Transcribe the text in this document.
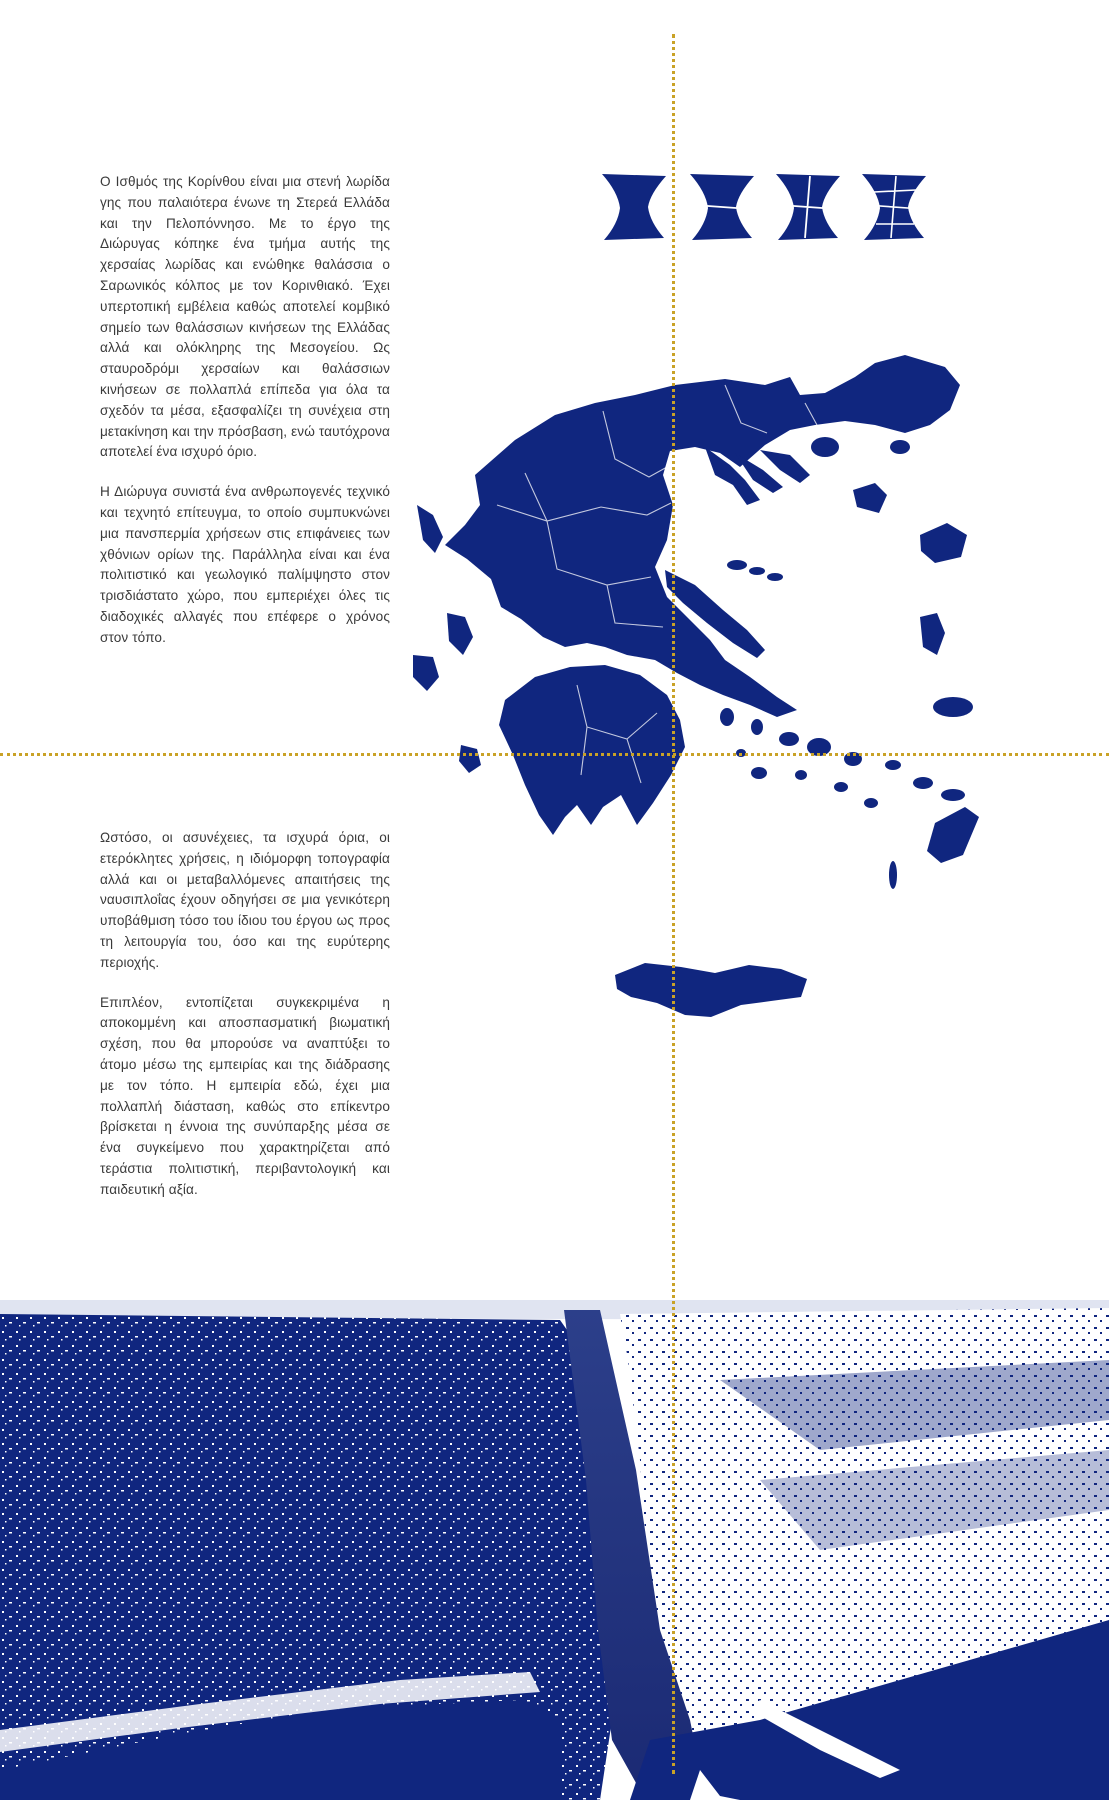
Ο Ισθμός της Κορίνθου είναι μια στενή λωρίδα γης που παλαιότερα ένωνε τη Στερεά Ελλάδα και την Πελοπόννησο. Με το έργο της Διώρυγας κόπηκε ένα τμήμα αυτής της χερσαίας λωρίδας και ενώθηκε θαλάσσια ο Σαρωνικός κόλπος με τον Κορινθιακό. Έχει υπερτοπική εμβέλεια καθώς αποτελεί κομβικό σημείο των θαλάσσιων κινήσεων της Ελλάδας αλλά και ολόκληρης της Μεσογείου. Ως σταυροδρόμι χερσαίων και θαλάσσιων κινήσεων σε πολλαπλά επίπεδα για όλα τα σχεδόν τα μέσα, εξασφαλίζει τη συνέχεια στη μετακίνηση και την πρόσβαση, ενώ ταυτόχρονα αποτελεί ένα ισχυρό όριο.

Η Διώρυγα συνιστά ένα ανθρωπογενές τεχνικό και τεχνητό επίτευγμα, το οποίο συμπυκνώνει μια πανσπερμία χρήσεων στις επιφάνειες των χθόνιων ορίων της. Παράλληλα είναι και ένα πολιτιστικό και γεωλογικό παλίμψηστο στον τρισδιάστατο χώρο, που εμπεριέχει όλες τις διαδοχικές αλλαγές που επέφερε ο χρόνος στον τόπο.

Ωστόσο, οι ασυνέχειες, τα ισχυρά όρια, οι ετερόκλητες χρήσεις, η ιδιόμορφη τοπογραφία αλλά και οι μεταβαλλόμενες απαιτήσεις της ναυσιπλοΐας έχουν οδηγήσει σε μια γενικότερη υποβάθμιση τόσο του ίδιου του έργου ως προς τη λειτουργία του, όσο και της ευρύτερης περιοχής.

Επιπλέον, εντοπίζεται συγκεκριμένα η αποκομμένη και αποσπασματική βιωματική σχέση, που θα μπορούσε να αναπτύξει το άτομο μέσω της εμπειρίας και της διάδρασης με τον τόπο. Η εμπειρία εδώ, έχει μια πολλαπλή διάσταση, καθώς στο επίκεντρο βρίσκεται η έννοια της συνύπαρξης μέσα σε ένα συγκείμενο που χαρακτηρίζεται από τεράστια πολιτιστική, περιβαντολογική και παιδευτική αξία.
